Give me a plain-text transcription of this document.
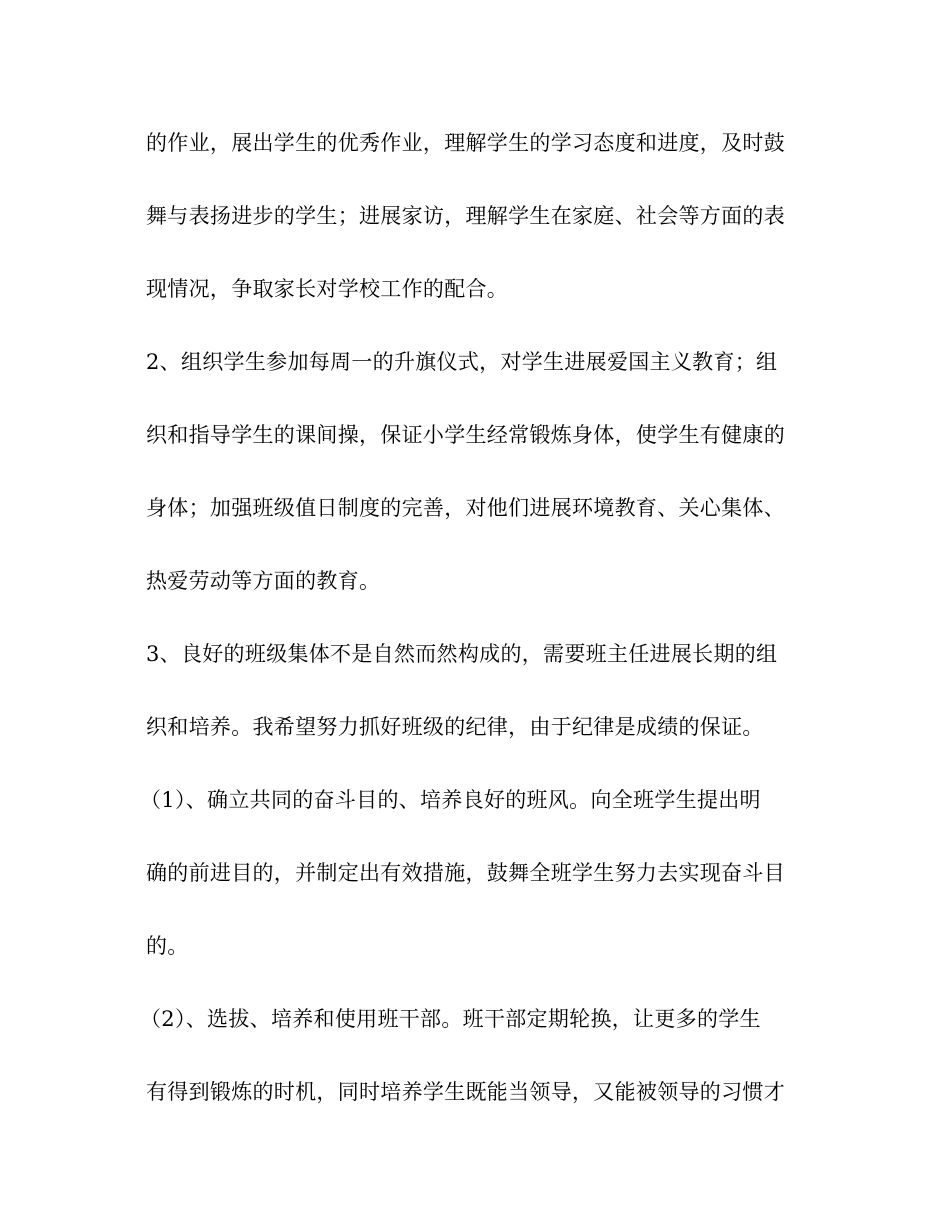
的作业，展出学生的优秀作业，理解学生的学习态度和进度，及时鼓
舞与表扬进步的学生；进展家访，理解学生在家庭、社会等方面的表
现情况，争取家长对学校工作的配合。
2、组织学生参加每周一的升旗仪式，对学生进展爱国主义教育；组
织和指导学生的课间操，保证小学生经常锻炼身体，使学生有健康的
身体；加强班级值日制度的完善，对他们进展环境教育、关心集体、
热爱劳动等方面的教育。
3、良好的班级集体不是自然而然构成的，需要班主任进展长期的组
织和培养。我希望努力抓好班级的纪律，由于纪律是成绩的保证。
（1）、确立共同的奋斗目的、培养良好的班风。向全班学生提出明
确的前进目的，并制定出有效措施，鼓舞全班学生努力去实现奋斗目
的。
（2）、选拔、培养和使用班干部。班干部定期轮换，让更多的学生
有得到锻炼的时机，同时培养学生既能当领导，又能被领导的习惯才
